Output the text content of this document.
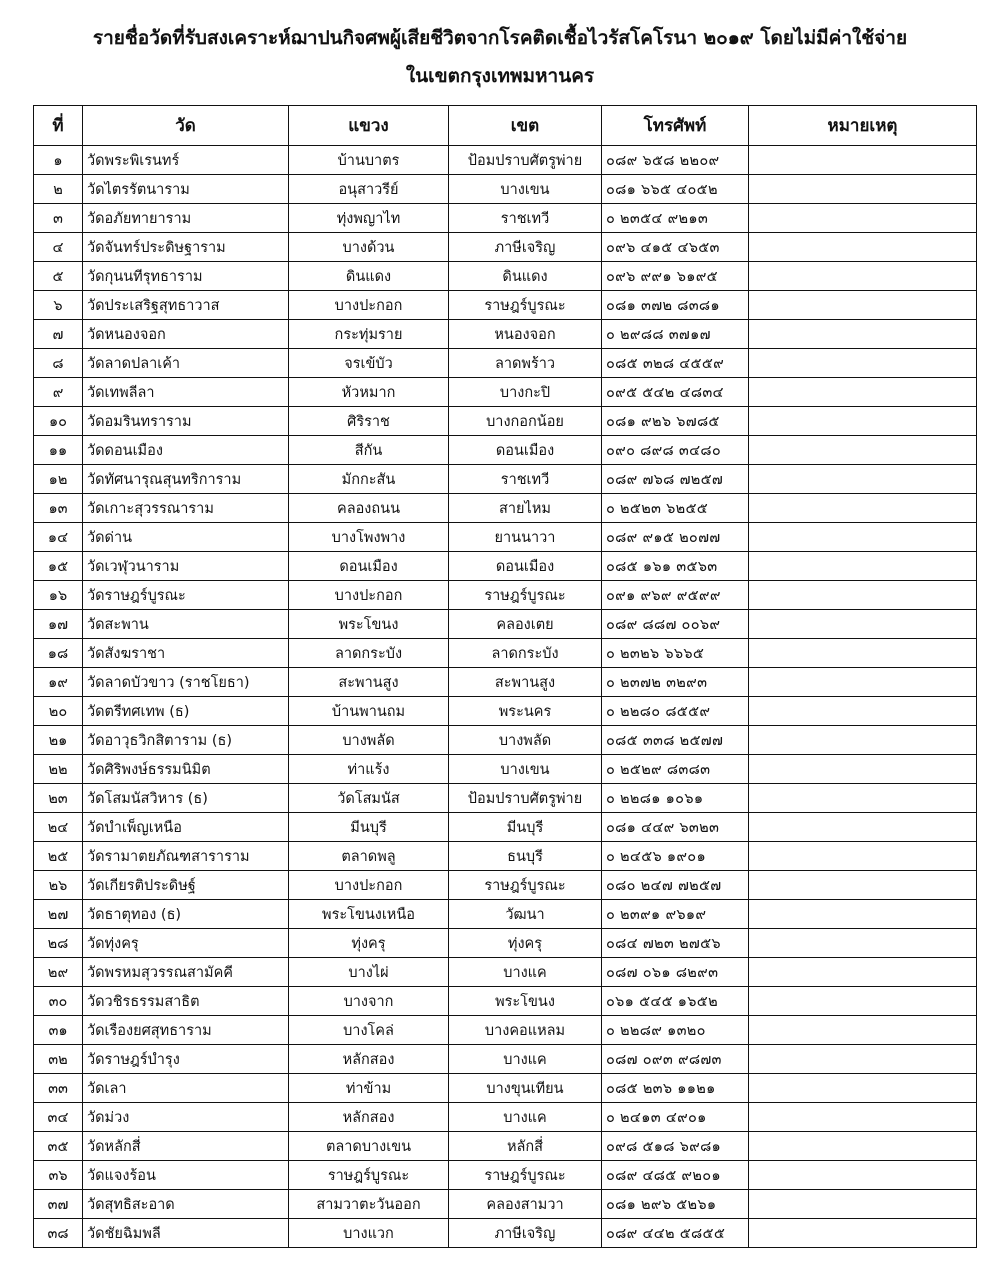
รายชื่อวัดที่รับสงเคราะห์ฌาปนกิจศพผู้เสียชีวิตจากโรคติดเชื้อไวรัสโคโรนา ๒๐๑๙ โดยไม่มีค่าใช้จ่าย
ในเขตกรุงเทพมหานคร
ที่	วัด	แขวง	เขต	โทรศัพท์	หมายเหตุ
๑	วัดพระพิเรนทร์	บ้านบาตร	ป้อมปราบศัตรูพ่าย	๐๘๙ ๖๕๘ ๒๒๐๙	
๒	วัดไตรรัตนาราม	อนุสาวรีย์	บางเขน	๐๘๑ ๖๖๕ ๔๐๕๒	
๓	วัดอภัยทายาราม	ทุ่งพญาไท	ราชเทวี	๐ ๒๓๕๔ ๙๒๑๓	
๔	วัดจันทร์ประดิษฐาราม	บางด้วน	ภาษีเจริญ	๐๙๖ ๔๑๕ ๔๖๕๓	
๕	วัดกุนนทีรุทธาราม	ดินแดง	ดินแดง	๐๙๖ ๙๙๑ ๖๑๙๕	
๖	วัดประเสริฐสุทธาวาส	บางปะกอก	ราษฎร์บูรณะ	๐๘๑ ๓๗๒ ๘๓๘๑	
๗	วัดหนองจอก	กระทุ่มราย	หนองจอก	๐ ๒๙๘๘ ๓๗๑๗	
๘	วัดลาดปลาเค้า	จรเข้บัว	ลาดพร้าว	๐๘๕ ๓๒๘ ๔๕๕๙	
๙	วัดเทพลีลา	หัวหมาก	บางกะปิ	๐๙๕ ๕๔๒ ๔๘๓๔	
๑๐	วัดอมรินทราราม	ศิริราช	บางกอกน้อย	๐๘๑ ๙๒๖ ๖๗๘๕	
๑๑	วัดดอนเมือง	สีกัน	ดอนเมือง	๐๙๐ ๘๙๘ ๓๔๘๐	
๑๒	วัดทัศนารุณสุนทริการาม	มักกะสัน	ราชเทวี	๐๘๙ ๗๖๘ ๗๒๕๗	
๑๓	วัดเกาะสุวรรณาราม	คลองถนน	สายไหม	๐ ๒๕๒๓ ๖๒๕๕	
๑๔	วัดด่าน	บางโพงพาง	ยานนาวา	๐๘๙ ๙๑๕ ๒๐๗๗	
๑๕	วัดเวฬุวนาราม	ดอนเมือง	ดอนเมือง	๐๘๕ ๑๖๑ ๓๕๖๓	
๑๖	วัดราษฎร์บูรณะ	บางปะกอก	ราษฎร์บูรณะ	๐๙๑ ๙๖๙ ๙๕๙๙	
๑๗	วัดสะพาน	พระโขนง	คลองเตย	๐๘๙ ๘๘๗ ๐๐๖๙	
๑๘	วัดสังฆราชา	ลาดกระบัง	ลาดกระบัง	๐ ๒๓๒๖ ๖๖๖๕	
๑๙	วัดลาดบัวขาว (ราชโยธา)	สะพานสูง	สะพานสูง	๐ ๒๓๗๒ ๓๒๙๓	
๒๐	วัดตรีทศเทพ (ธ)	บ้านพานถม	พระนคร	๐ ๒๒๘๐ ๘๕๕๙	
๒๑	วัดอาวุธวิกสิตาราม (ธ)	บางพลัด	บางพลัด	๐๘๕ ๓๓๘ ๒๕๗๗	
๒๒	วัดศิริพงษ์ธรรมนิมิต	ท่าแร้ง	บางเขน	๐ ๒๕๒๙ ๘๓๘๓	
๒๓	วัดโสมนัสวิหาร (ธ)	วัดโสมนัส	ป้อมปราบศัตรูพ่าย	๐ ๒๒๘๑ ๑๐๖๑	
๒๔	วัดบำเพ็ญเหนือ	มีนบุรี	มีนบุรี	๐๘๑ ๔๔๙ ๖๓๒๓	
๒๕	วัดรามาตยภัณฑสาราราม	ตลาดพลู	ธนบุรี	๐ ๒๔๕๖ ๑๙๐๑	
๒๖	วัดเกียรติประดิษฐ์	บางปะกอก	ราษฎร์บูรณะ	๐๘๐ ๒๔๗ ๗๒๕๗	
๒๗	วัดธาตุทอง (ธ)	พระโขนงเหนือ	วัฒนา	๐ ๒๓๙๑ ๙๖๑๙	
๒๘	วัดทุ่งครุ	ทุ่งครุ	ทุ่งครุ	๐๘๔ ๗๒๓ ๒๗๕๖	
๒๙	วัดพรหมสุวรรณสามัคคี	บางไผ่	บางแค	๐๘๗ ๐๖๑ ๘๒๙๓	
๓๐	วัดวชิรธรรมสาธิต	บางจาก	พระโขนง	๐๖๑ ๕๔๕ ๑๖๕๒	
๓๑	วัดเรืองยศสุทธาราม	บางโคล่	บางคอแหลม	๐ ๒๒๘๙ ๑๓๒๐	
๓๒	วัดราษฎร์บำรุง	หลักสอง	บางแค	๐๘๗ ๐๙๓ ๙๘๗๓	
๓๓	วัดเลา	ท่าข้าม	บางขุนเทียน	๐๘๕ ๒๓๖ ๑๑๒๑	
๓๔	วัดม่วง	หลักสอง	บางแค	๐ ๒๔๑๓ ๔๙๐๑	
๓๕	วัดหลักสี่	ตลาดบางเขน	หลักสี่	๐๙๘ ๕๑๘ ๖๙๘๑	
๓๖	วัดแจงร้อน	ราษฎร์บูรณะ	ราษฎร์บูรณะ	๐๘๙ ๔๘๕ ๙๒๐๑	
๓๗	วัดสุทธิสะอาด	สามวาตะวันออก	คลองสามวา	๐๘๑ ๒๙๖ ๕๒๖๑	
๓๘	วัดชัยฉิมพลี	บางแวก	ภาษีเจริญ	๐๘๙ ๔๔๒ ๕๘๕๕	
